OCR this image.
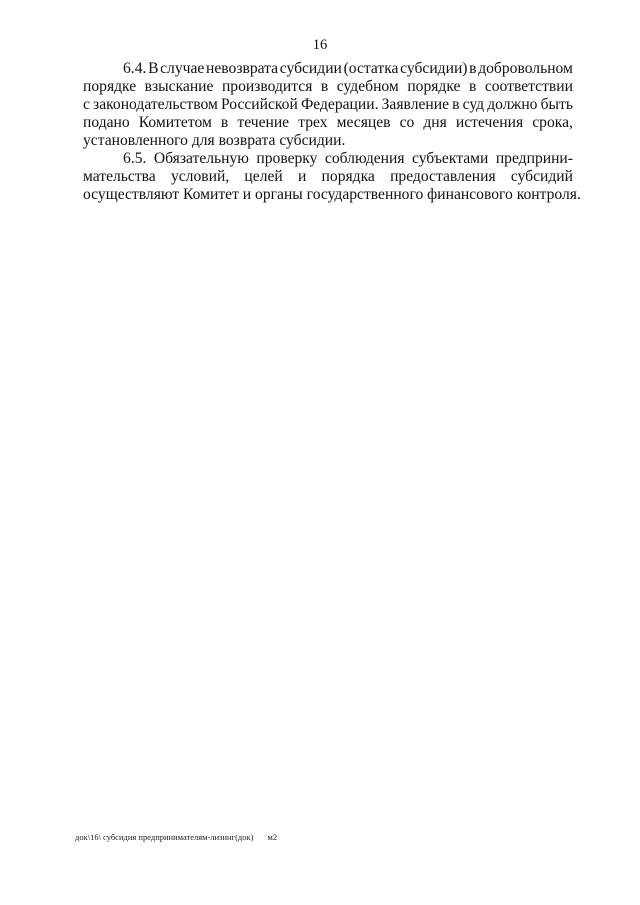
16
6.4. В случае невозврата субсидии (остатка субсидии) в добровольном
порядке взыскание производится в судебном порядке в соответствии
с законодательством Российской Федерации. Заявление в суд должно быть
подано Комитетом в течение трех месяцев со дня истечения срока,
установленного для возврата субсидии.
6.5. Обязательную проверку соблюдения субъектами предприни-
мательства условий, целей и порядка предоставления субсидий
осуществляют Комитет и органы государственного финансового контроля.
док\16\ субсидия предпринимателям-лизинг(док) м2
